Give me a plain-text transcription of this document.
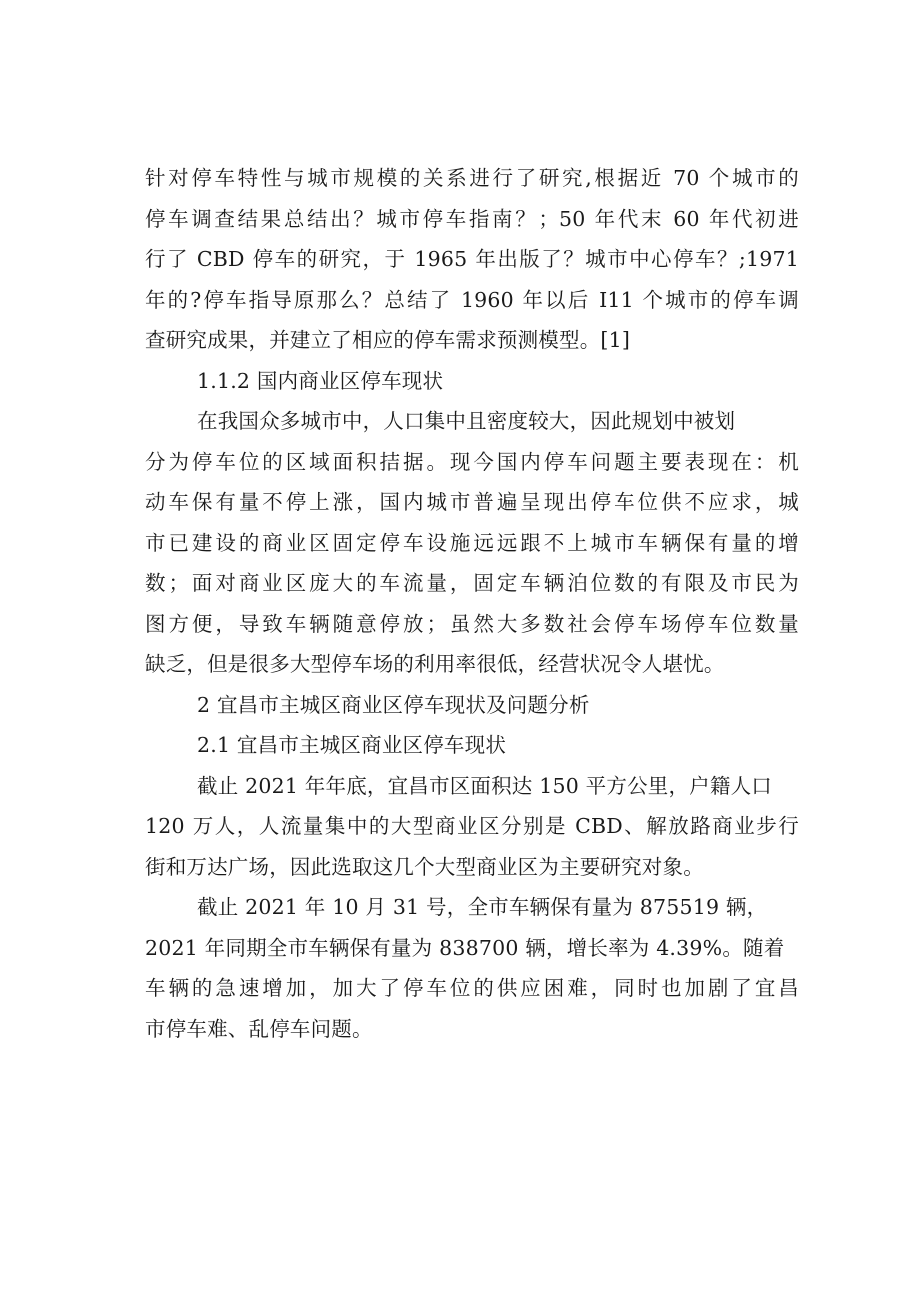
针对停车特性与城市规模的关系进行了研究,根据近 70 个城市的
停车调查结果总结出？城市停车指南？；50 年代末 60 年代初进
行了 CBD 停车的研究，于 1965 年出版了？城市中心停车？;1971
年的?停车指导原那么？总结了 1960 年以后 I11 个城市的停车调
查研究成果，并建立了相应的停车需求预测模型。[1]
1.1.2 国内商业区停车现状
在我国众多城市中，人口集中且密度较大，因此规划中被划
分为停车位的区域面积拮据。现今国内停车问题主要表现在：机
动车保有量不停上涨，国内城市普遍呈现出停车位供不应求，城
市已建设的商业区固定停车设施远远跟不上城市车辆保有量的增
数；面对商业区庞大的车流量，固定车辆泊位数的有限及市民为
图方便，导致车辆随意停放；虽然大多数社会停车场停车位数量
缺乏，但是很多大型停车场的利用率很低，经营状况令人堪忧。
2 宜昌市主城区商业区停车现状及问题分析
2.1 宜昌市主城区商业区停车现状
截止 2021 年年底，宜昌市区面积达 150 平方公里，户籍人口
120 万人，人流量集中的大型商业区分别是 CBD、解放路商业步行
街和万达广场，因此选取这几个大型商业区为主要研究对象。
截止 2021 年 10 月 31 号，全市车辆保有量为 875519 辆，
2021 年同期全市车辆保有量为 838700 辆，增长率为 4.39%。随着
车辆的急速增加，加大了停车位的供应困难，同时也加剧了宜昌
市停车难、乱停车问题。
